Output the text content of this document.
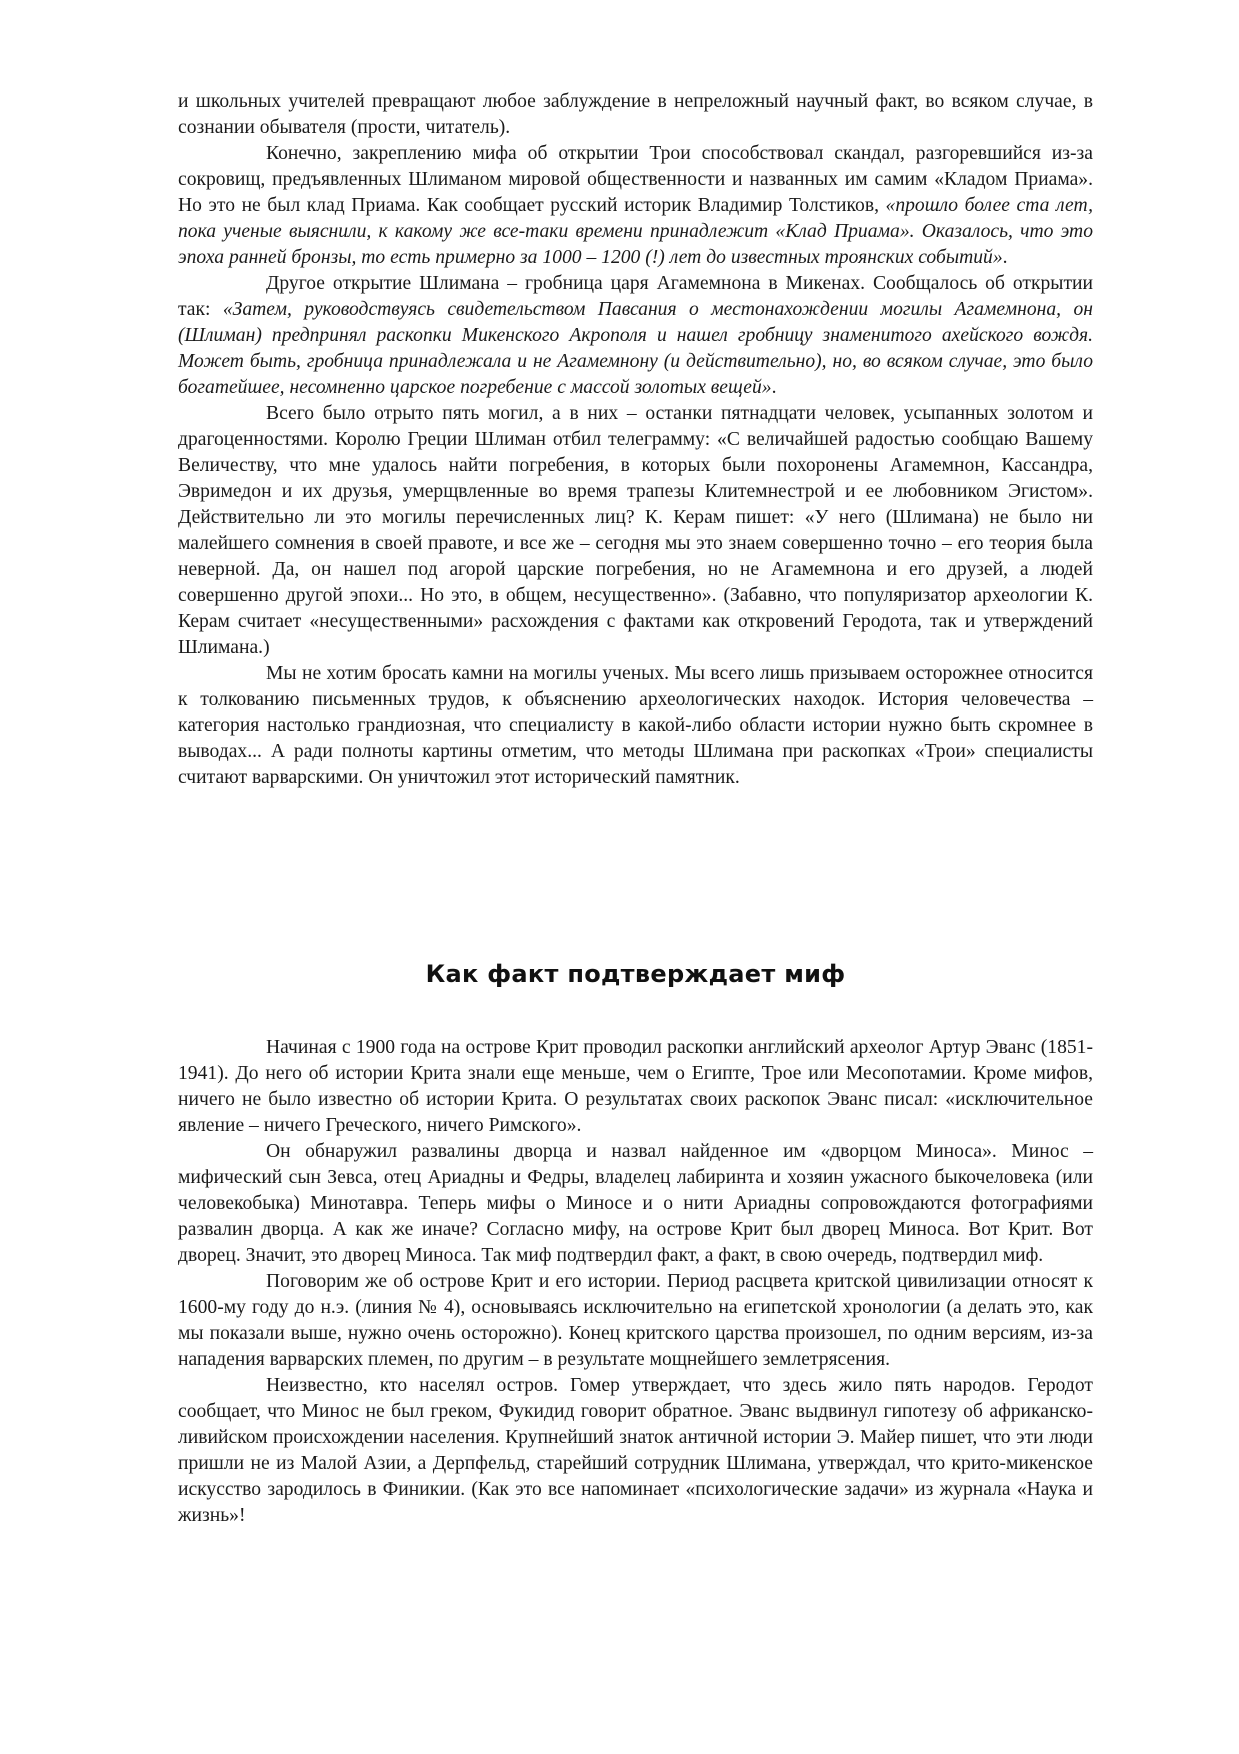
и школьных учителей превращают любое заблуждение в непреложный научный факт, во всяком случае, в сознании обывателя (прости, читатель).

Конечно, закреплению мифа об открытии Трои способствовал скандал, разгоревшийся из-за сокровищ, предъявленных Шлиманом мировой общественности и названных им самим «Кладом Приама». Но это не был клад Приама. Как сообщает русский историк Владимир Толстиков, «прошло более ста лет, пока ученые выяснили, к какому же все-таки времени принадлежит «Клад Приама». Оказалось, что это эпоха ранней бронзы, то есть примерно за 1000 – 1200 (!) лет до известных троянских событий».

Другое открытие Шлимана – гробница царя Агамемнона в Микенах. Сообщалось об открытии так: «Затем, руководствуясь свидетельством Павсания о местонахождении могилы Агамемнона, он (Шлиман) предпринял раскопки Микенского Акрополя и нашел гробницу знаменитого ахейского вождя. Может быть, гробница принадлежала и не Агамемнону (и действительно), но, во всяком случае, это было богатейшее, несомненно царское погребение с массой золотых вещей».

Всего было отрыто пять могил, а в них – останки пятнадцати человек, усыпанных золотом и драгоценностями. Королю Греции Шлиман отбил телеграмму: «С величайшей радостью сообщаю Вашему Величеству, что мне удалось найти погребения, в которых были похоронены Агамемнон, Кассандра, Эвримедон и их друзья, умерщвленные во время трапезы Клитемнестрой и ее любовником Эгистом». Действительно ли это могилы перечисленных лиц? К. Керам пишет: «У него (Шлимана) не было ни малейшего сомнения в своей правоте, и все же – сегодня мы это знаем совершенно точно – его теория была неверной. Да, он нашел под агорой царские погребения, но не Агамемнона и его друзей, а людей совершенно другой эпохи... Но это, в общем, несущественно». (Забавно, что популяризатор археологии К. Керам считает «несущественными» расхождения с фактами как откровений Геродота, так и утверждений Шлимана.)

Мы не хотим бросать камни на могилы ученых. Мы всего лишь призываем осторожнее относится к толкованию письменных трудов, к объяснению археологических находок. История человечества – категория настолько грандиозная, что специалисту в какой-либо области истории нужно быть скромнее в выводах... А ради полноты картины отметим, что методы Шлимана при раскопках «Трои» специалисты считают варварскими. Он уничтожил этот исторический памятник.

Как факт подтверждает миф

Начиная с 1900 года на острове Крит проводил раскопки английский археолог Артур Эванс (1851-1941). До него об истории Крита знали еще меньше, чем о Египте, Трое или Месопотамии. Кроме мифов, ничего не было известно об истории Крита. О результатах своих раскопок Эванс писал: «исключительное явление – ничего Греческого, ничего Римского».

Он обнаружил развалины дворца и назвал найденное им «дворцом Миноса». Минос – мифический сын Зевса, отец Ариадны и Федры, владелец лабиринта и хозяин ужасного быкочеловека (или человекобыка) Минотавра. Теперь мифы о Миносе и о нити Ариадны сопровождаются фотографиями развалин дворца. А как же иначе? Согласно мифу, на острове Крит был дворец Миноса. Вот Крит. Вот дворец. Значит, это дворец Миноса. Так миф подтвердил факт, а факт, в свою очередь, подтвердил миф.

Поговорим же об острове Крит и его истории. Период расцвета критской цивилизации относят к 1600-му году до н.э. (линия № 4), основываясь исключительно на египетской хронологии (а делать это, как мы показали выше, нужно очень осторожно). Конец критского царства произошел, по одним версиям, из-за нападения варварских племен, по другим – в результате мощнейшего землетрясения.

Неизвестно, кто населял остров. Гомер утверждает, что здесь жило пять народов. Геродот сообщает, что Минос не был греком, Фукидид говорит обратное. Эванс выдвинул гипотезу об африканско-ливийском происхождении населения. Крупнейший знаток античной истории Э. Майер пишет, что эти люди пришли не из Малой Азии, а Дерпфельд, старейший сотрудник Шлимана, утверждал, что крито-микенское искусство зародилось в Финикии. (Как это все напоминает «психологические задачи» из журнала «Наука и жизнь»!
